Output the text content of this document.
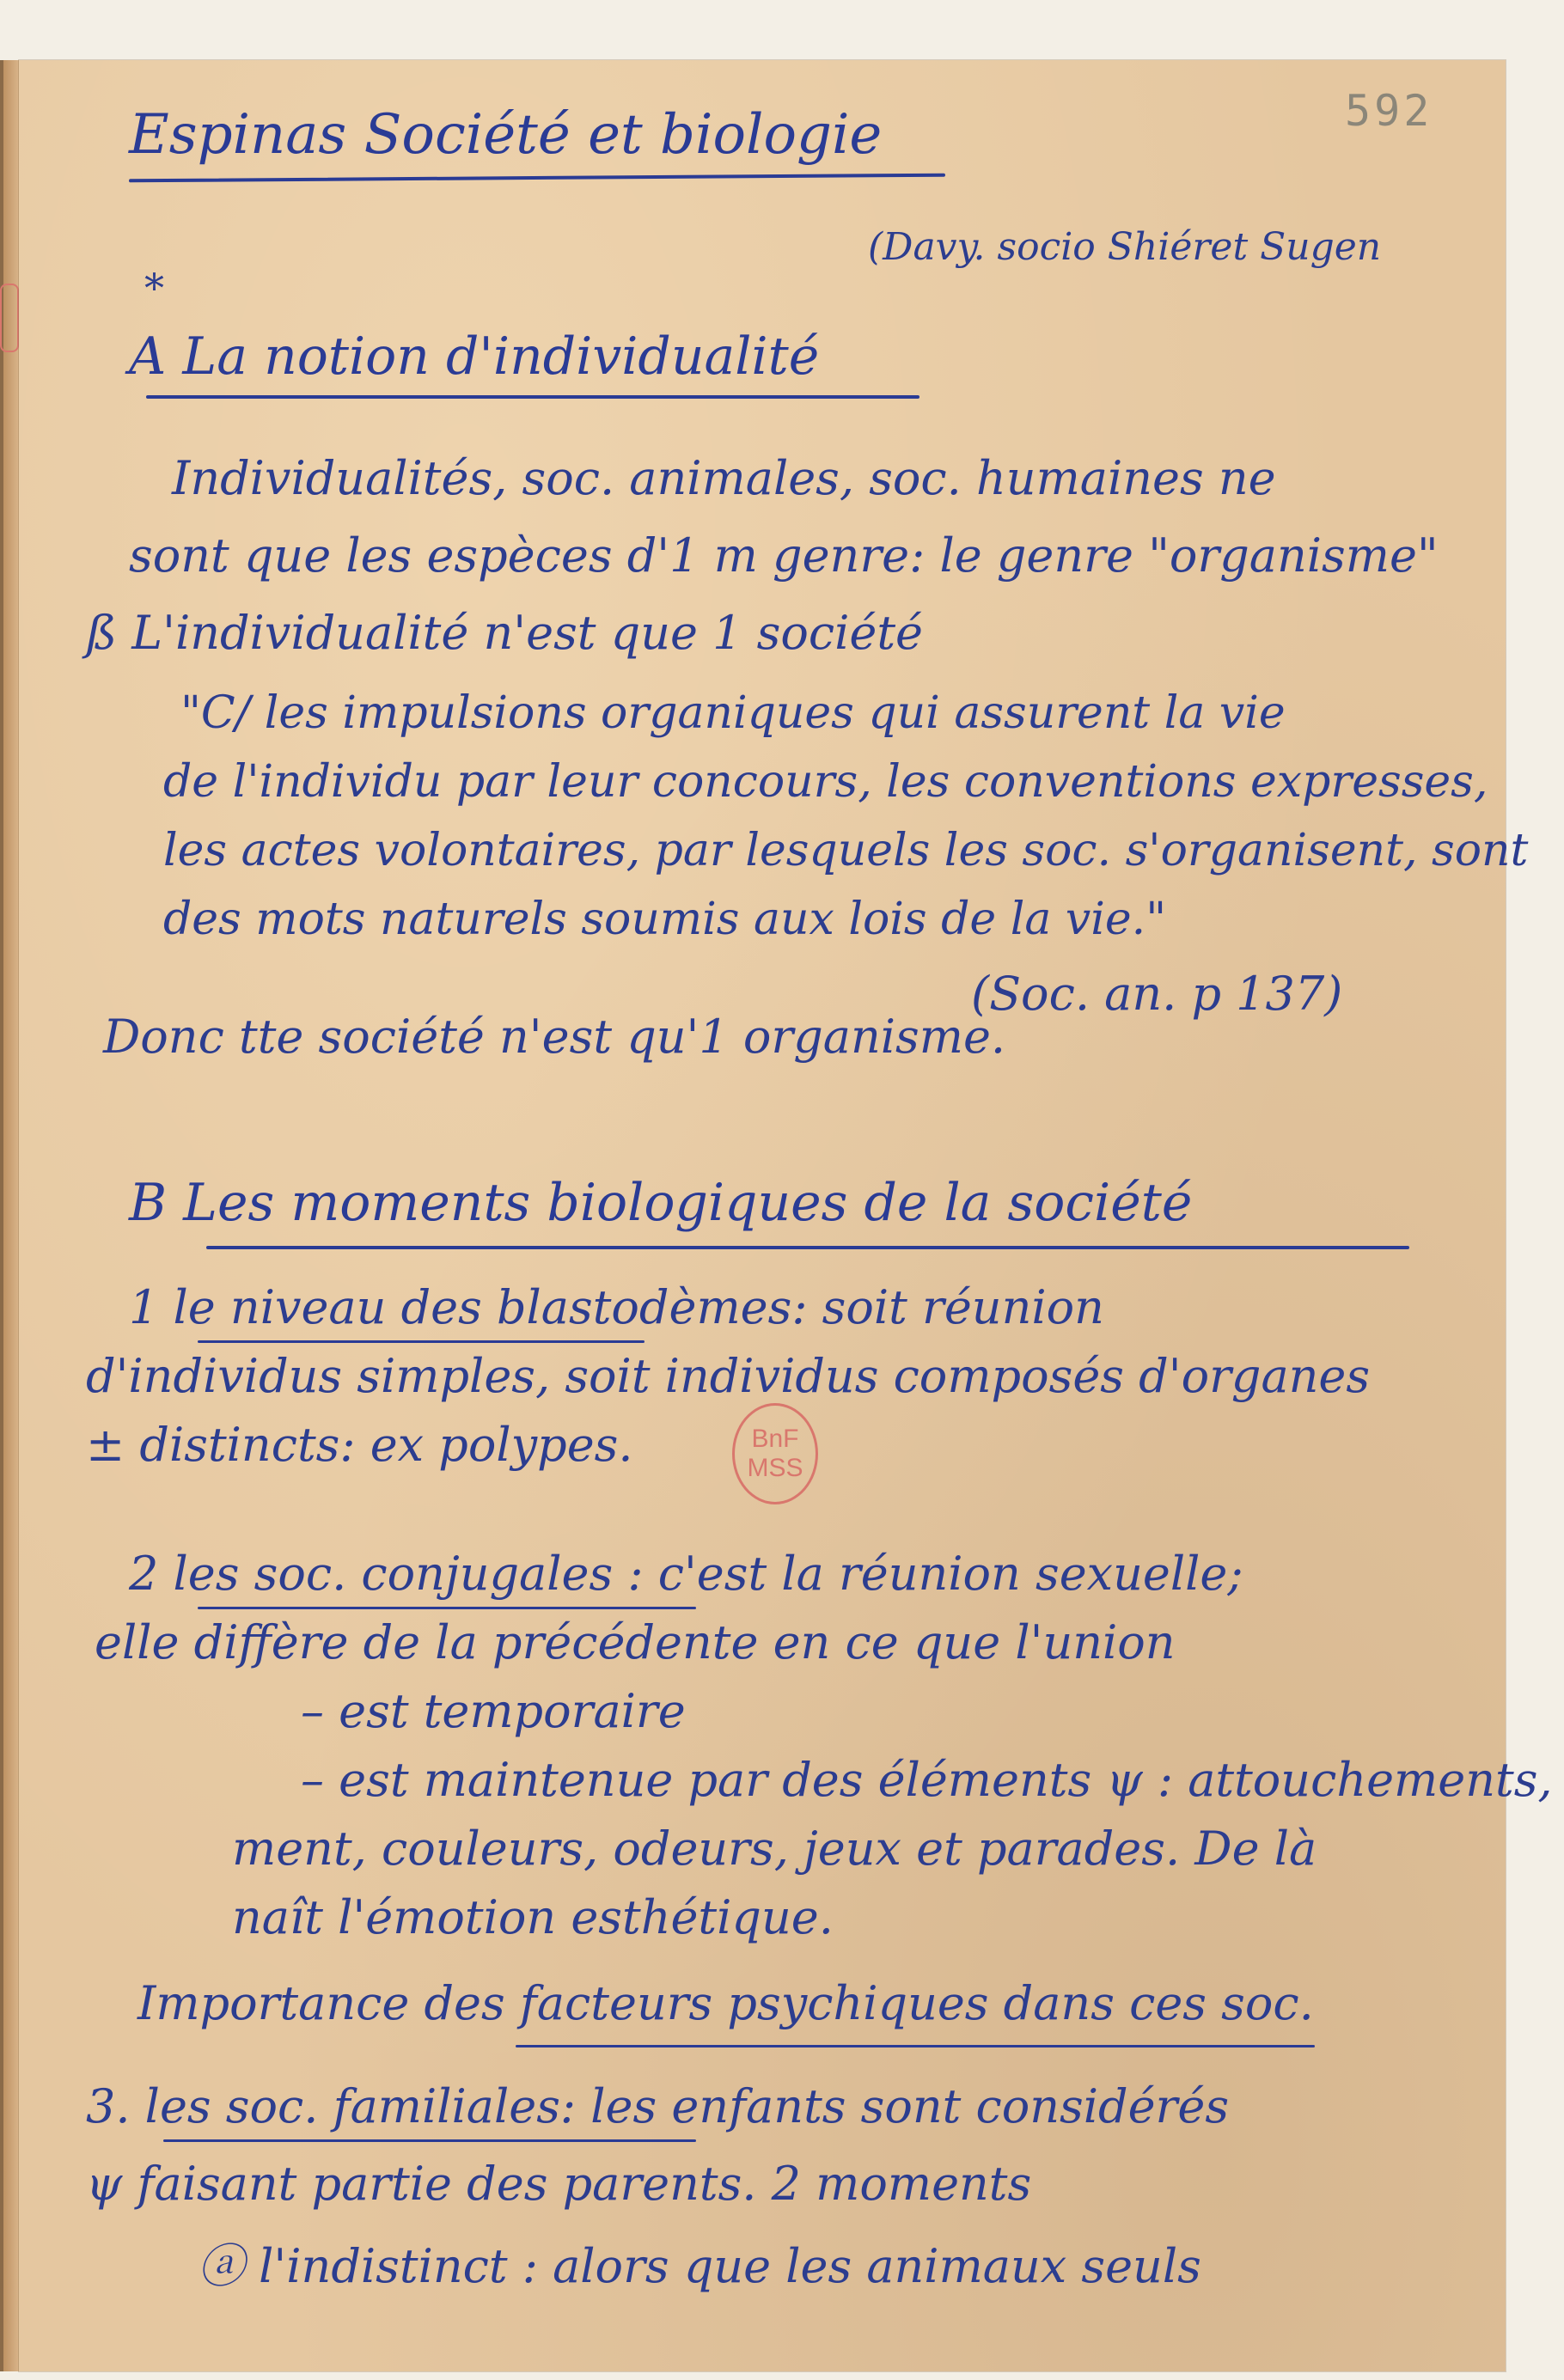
592
Espinas Société et biologie
(Davy. socio Shiéret Sugen
*
A La notion d'individualité
Individualités, soc. animales, soc. humaines ne
sont que les espèces d'1 m genre: le genre "organisme"
ß L'individualité n'est que 1 société
"C/ les impulsions organiques qui assurent la vie
de l'individu par leur concours, les conventions expresses,
les actes volontaires, par lesquels les soc. s'organisent, sont
des mots naturels soumis aux lois de la vie."
(Soc. an. p 137)
Donc tte société n'est qu'1 organisme.
B Les moments biologiques de la société
1 le niveau des blastodèmes: soit réunion
d'individus simples, soit individus composés d'organes
± distincts: ex polypes.	BnF
MSS
2 les soc. conjugales : c'est la réunion sexuelle;
elle diffère de la précédente en ce que l'union
– est temporaire
– est maintenue par des éléments ψ : attouchements,
ment, couleurs, odeurs, jeux et parades. De là
naît l'émotion esthétique.
Importance des facteurs psychiques dans ces soc.
3. les soc. familiales: les enfants sont considérés
ψ faisant partie des parents. 2 moments
ⓐ l'indistinct : alors que les animaux seuls
